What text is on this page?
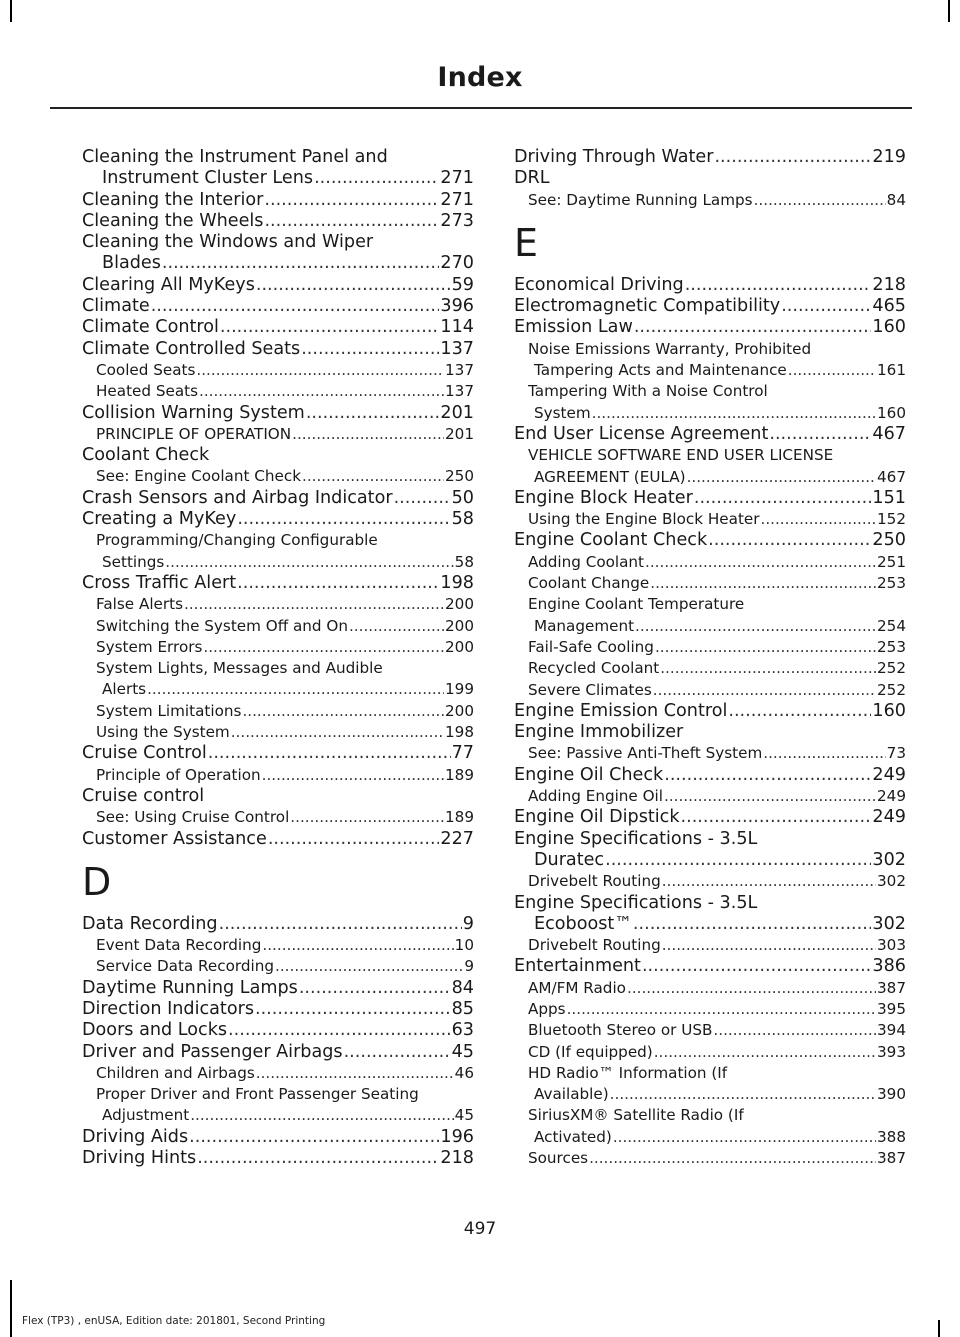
Index
Cleaning the Instrument Panel and
Instrument Cluster Lens .....	271
Cleaning the Interior .....	271
Cleaning the Wheels .....	273
Cleaning the Windows and Wiper
Blades .....	270
Clearing All MyKeys .....	59
Climate .....	396
Climate Control .....	114
Climate Controlled Seats .....	137
Cooled Seats .....	137
Heated Seats .....	137
Collision Warning System .....	201
PRINCIPLE OF OPERATION .....	201
Coolant Check
See: Engine Coolant Check .....	250
Crash Sensors and Airbag Indicator .....	50
Creating a MyKey .....	58
Programming/Changing Configurable
Settings .....	58
Cross Traffic Alert .....	198
False Alerts .....	200
Switching the System Off and On .....	200
System Errors .....	200
System Lights, Messages and Audible
Alerts .....	199
System Limitations .....	200
Using the System .....	198
Cruise Control .....	77
Principle of Operation .....	189
Cruise control
See: Using Cruise Control .....	189
Customer Assistance .....	227
D
Data Recording .....	9
Event Data Recording .....	10
Service Data Recording .....	9
Daytime Running Lamps .....	84
Direction Indicators .....	85
Doors and Locks .....	63
Driver and Passenger Airbags .....	45
Children and Airbags .....	46
Proper Driver and Front Passenger Seating
Adjustment .....	45
Driving Aids .....	196
Driving Hints .....	218
Driving Through Water .....	219
DRL
See: Daytime Running Lamps .....	84
E
Economical Driving .....	218
Electromagnetic Compatibility .....	465
Emission Law .....	160
Noise Emissions Warranty, Prohibited
Tampering Acts and Maintenance .....	161
Tampering With a Noise Control
System .....	160
End User License Agreement .....	467
VEHICLE SOFTWARE END USER LICENSE
AGREEMENT (EULA) .....	467
Engine Block Heater .....	151
Using the Engine Block Heater .....	152
Engine Coolant Check .....	250
Adding Coolant .....	251
Coolant Change .....	253
Engine Coolant Temperature
Management .....	254
Fail-Safe Cooling .....	253
Recycled Coolant .....	252
Severe Climates .....	252
Engine Emission Control .....	160
Engine Immobilizer
See: Passive Anti-Theft System .....	73
Engine Oil Check .....	249
Adding Engine Oil .....	249
Engine Oil Dipstick .....	249
Engine Specifications - 3.5L
Duratec .....	302
Drivebelt Routing .....	302
Engine Specifications - 3.5L
Ecoboost™ .....	302
Drivebelt Routing .....	303
Entertainment .....	386
AM/FM Radio .....	387
Apps .....	395
Bluetooth Stereo or USB .....	394
CD (If equipped) .....	393
HD Radio™ Information (If
Available) .....	390
SiriusXM® Satellite Radio (If
Activated) .....	388
Sources .....	387
497
Flex (TP3) , enUSA, Edition date: 201801, Second Printing
